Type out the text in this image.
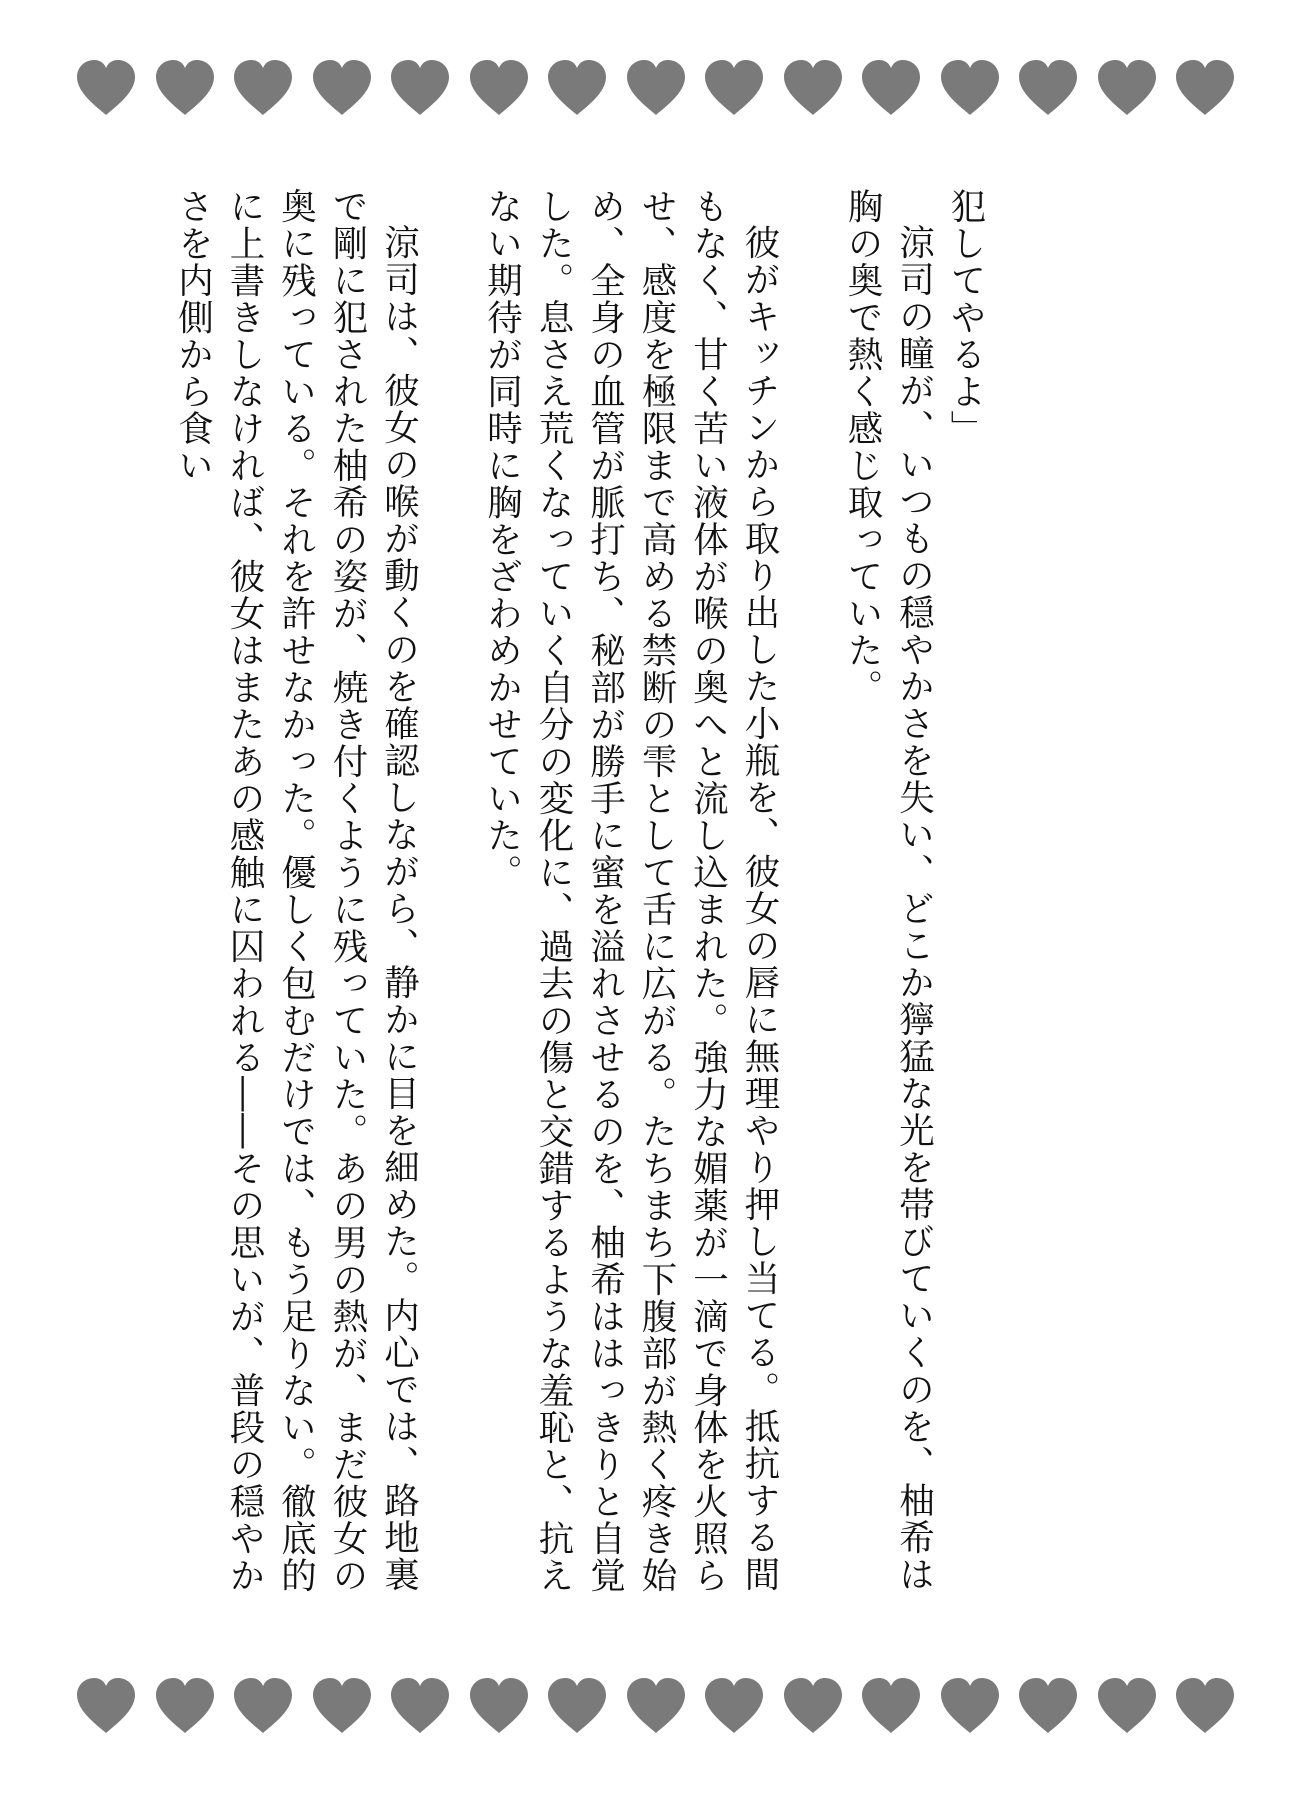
犯してやるよ」

涼司の瞳が、いつもの穏やかさを失い、どこか獰猛な光を帯びていくのを、柚希は胸の奥で熱く感じ取っていた。

彼がキッチンから取り出した小瓶を、彼女の唇に無理やり押し当てる。抵抗する間もなく、甘く苦い液体が喉の奥へと流し込まれた。強力な媚薬が一滴で身体を火照らせ、感度を極限まで高める禁断の雫として舌に広がる。たちまち下腹部が熱く疼き始め、全身の血管が脈打ち、秘部が勝手に蜜を溢れさせるのを、柚希ははっきりと自覚した。息さえ荒くなっていく自分の変化に、過去の傷と交錯するような羞恥と、抗えない期待が同時に胸をざわめかせていた。

涼司は、彼女の喉が動くのを確認しながら、静かに目を細めた。内心では、路地裏で剛に犯された柚希の姿が、焼き付くように残っていた。あの男の熱が、まだ彼女の奥に残っている。それを許せなかった。優しく包むだけでは、もう足りない。徹底的に上書きしなければ、彼女はまたあの感触に囚われる――その思いが、普段の穏やかさを内側から食い
